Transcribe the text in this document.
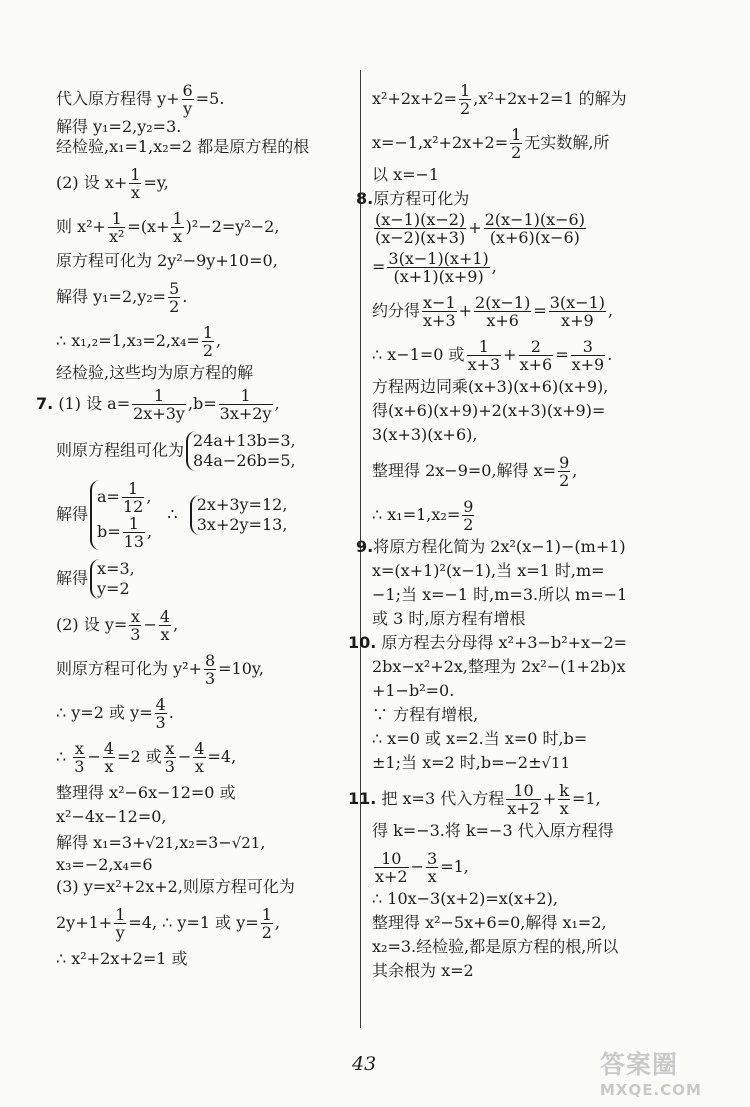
代入原方程得 $y+ \frac{6}{y} =5$.
解得 y₁=2,y₂=3.
经检验,x₁=1,x₂=2 都是原方程的根
(2) 设 $x+ \frac{1}{x} =y$,
则 $x^2+ \frac{1}{\text{x²}} =(x+ \frac{1}{x} )^2-2=y^2-2$,
原方程可化为 2y²−9y+10=0,
解得 $y_1=2,y_2= \frac{5}{2}$ .
∴ $x_1,_2=1,x_3=2,x_4= \frac{1}{2}$ ,
经检验,这些均为原方程的解
7. (1) 设 $a= \frac{1}{2x+3y} ,b= \frac{1}{3x+2y}$ ,
则原方程组可化为 24a+13b=3,
84a−26b=5,
解得
$a= \frac{1}{12}$ ,
$b= \frac{1}{13}$ ,
∴ 2x+3y=12,
3x+2y=13,
解得 x=3,
y=2
(2) 设 $y= \frac{x}{3} - \frac{4}{x}$ ,
则原方程可化为 $y^2+ \frac{8}{3} =10y$,
∴ y=2 或 $y= \frac{4}{3}$ .
∴ $\frac{x}{3} - \frac{4}{x} =2$ 或 $\frac{x}{3} - \frac{4}{x} =4$,
整理得 x²−6x−12=0 或
x²−4x−12=0,
解得 x₁=3+√21,x₂=3−√21,
x₃=−2,x₄=6
(3) y=x²+2x+2,则原方程可化为
$2y+1+ \frac{1}{y} =4$, ∴ y=1 或 $y= \frac{1}{2}$ ,
∴ x²+2x+2=1 或
$x^2+2x+2= \frac{1}{2} ,x^2+2x+2=1$ 的解为
$x=-1,x^2+2x+2= \frac{1}{2}$ 无实数解,所
以 x=−1
8.原方程可化为
$\frac{(x-1)(x-2)}{(x-2)(x+3)} + \frac{2(x-1)(x-6)}{(x+6)(x-6)}$
= $\frac{3(x-1)(x+1)}{(x+1)(x+9)}$ ,
约分得 $\frac{x-1}{x+3} + \frac{2(x-1)}{x+6} = \frac{3(x-1)}{x+9}$ ,
∴ x−1=0 或 $\frac{1}{x+3} + \frac{2}{x+6} = \frac{3}{x+9}$ .
方程两边同乘(x+3)(x+6)(x+9),
得(x+6)(x+9)+2(x+3)(x+9)=
3(x+3)(x+6),
整理得 2x−9=0,解得 $x= \frac{9}{2}$ ,
∴ $x_1=1,x_2= \frac{9}{2}$
9.将原方程化简为 2x²(x−1)−(m+1)
x=(x+1)²(x−1),当 x=1 时,m=
−1;当 x=−1 时,m=3.所以 m=−1
或 3 时,原方程有增根
10. 原方程去分母得 x²+3−b²+x−2=
2bx−x²+2x,整理为 2x²−(1+2b)x
+1−b²=0.
∵ 方程有增根,
∴ x=0 或 x=2.当 x=0 时,b=
±1;当 x=2 时,b=−2±√11
11. 把 x=3 代入方程 $\frac{10}{x+2} + \frac{k}{x} =1$,
得 k=−3.将 k=−3 代入原方程得
$\frac{10}{x+2} - \frac{3}{x} =1$,
∴ 10x−3(x+2)=x(x+2),
整理得 x²−5x+6=0,解得 x₁=2,
x₂=3.经检验,都是原方程的根,所以
其余根为 x=2
43	答案圈
MXQE.COM
